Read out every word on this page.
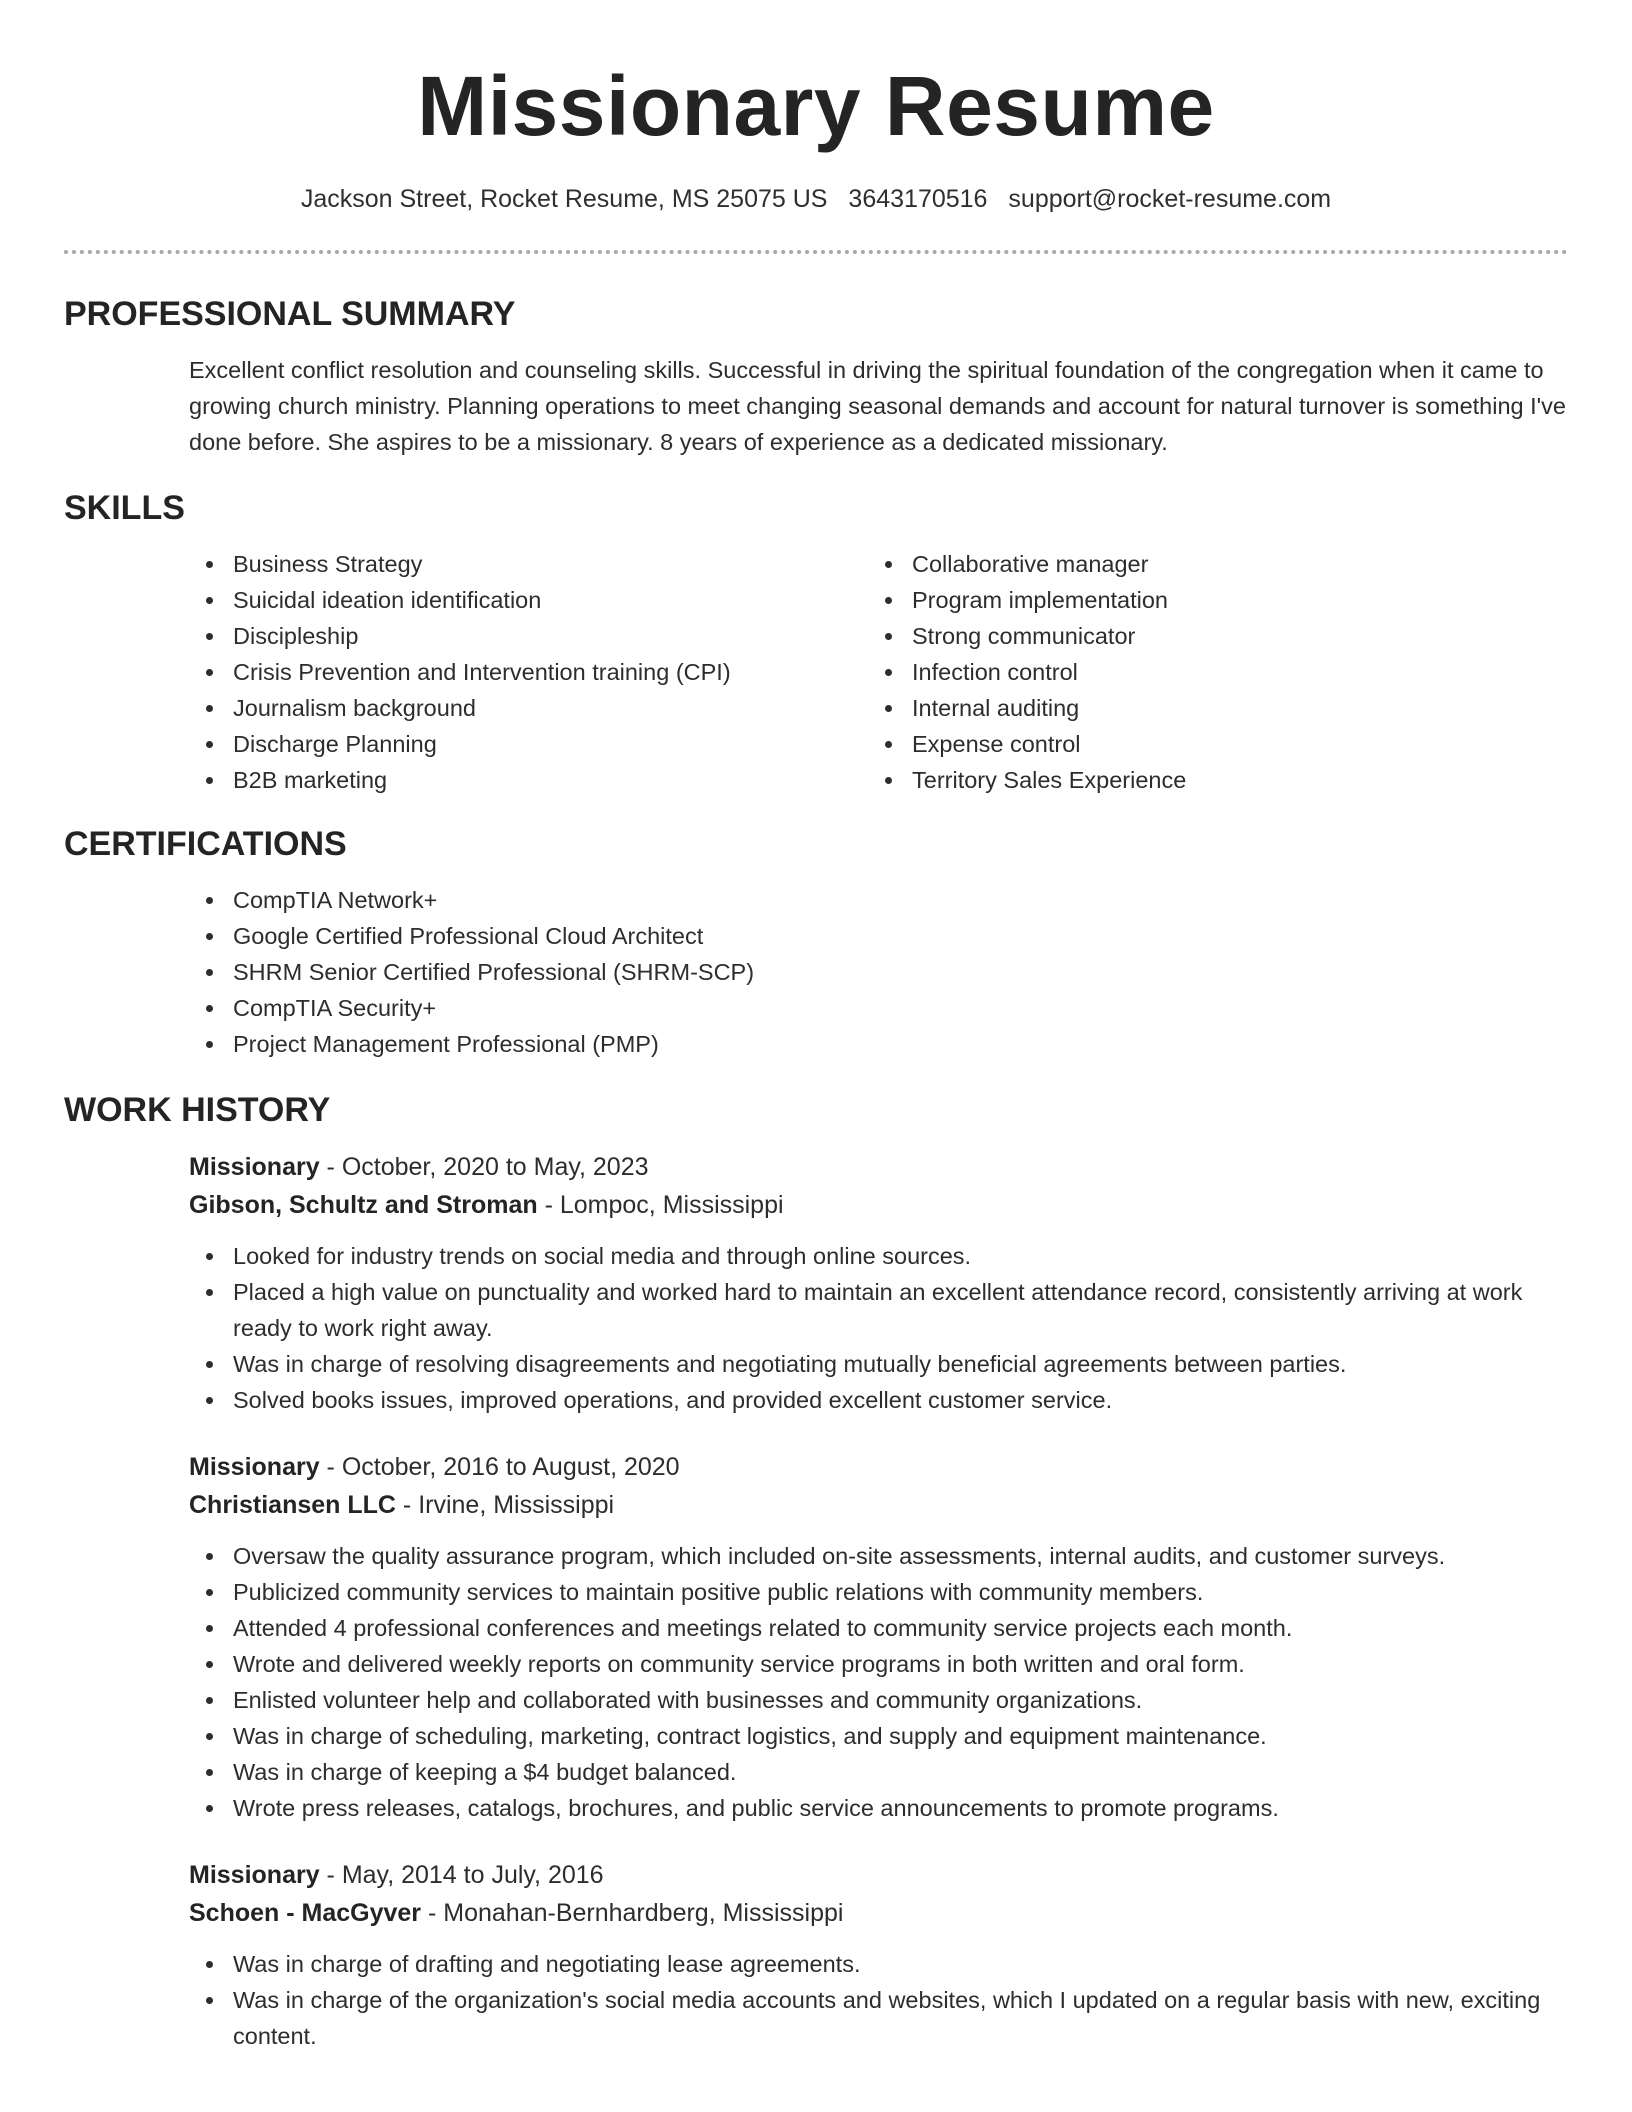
Missionary Resume
Jackson Street, Rocket Resume, MS 25075 US 3643170516 support@rocket-resume.com
PROFESSIONAL SUMMARY

Excellent conflict resolution and counseling skills. Successful in driving the spiritual foundation of the congregation when it came to growing church ministry. Planning operations to meet changing seasonal demands and account for natural turnover is something I've done before. She aspires to be a missionary. 8 years of experience as a dedicated missionary.

SKILLS
Business Strategy
Suicidal ideation identification
Discipleship
Crisis Prevention and Intervention training (CPI)
Journalism background
Discharge Planning
B2B marketing
Collaborative manager
Program implementation
Strong communicator
Infection control
Internal auditing
Expense control
Territory Sales Experience
CERTIFICATIONS
CompTIA Network+
Google Certified Professional Cloud Architect
SHRM Senior Certified Professional (SHRM-SCP)
CompTIA Security+
Project Management Professional (PMP)
WORK HISTORY
Missionary - October, 2020 to May, 2023
Gibson, Schultz and Stroman - Lompoc, Mississippi
Looked for industry trends on social media and through online sources.
Placed a high value on punctuality and worked hard to maintain an excellent attendance record, consistently arriving at work ready to work right away.
Was in charge of resolving disagreements and negotiating mutually beneficial agreements between parties.
Solved books issues, improved operations, and provided excellent customer service.
Missionary - October, 2016 to August, 2020
Christiansen LLC - Irvine, Mississippi
Oversaw the quality assurance program, which included on-site assessments, internal audits, and customer surveys.
Publicized community services to maintain positive public relations with community members.
Attended 4 professional conferences and meetings related to community service projects each month.
Wrote and delivered weekly reports on community service programs in both written and oral form.
Enlisted volunteer help and collaborated with businesses and community organizations.
Was in charge of scheduling, marketing, contract logistics, and supply and equipment maintenance.
Was in charge of keeping a $4 budget balanced.
Wrote press releases, catalogs, brochures, and public service announcements to promote programs.
Missionary - May, 2014 to July, 2016
Schoen - MacGyver - Monahan-Bernhardberg, Mississippi
Was in charge of drafting and negotiating lease agreements.
Was in charge of the organization's social media accounts and websites, which I updated on a regular basis with new, exciting content.
